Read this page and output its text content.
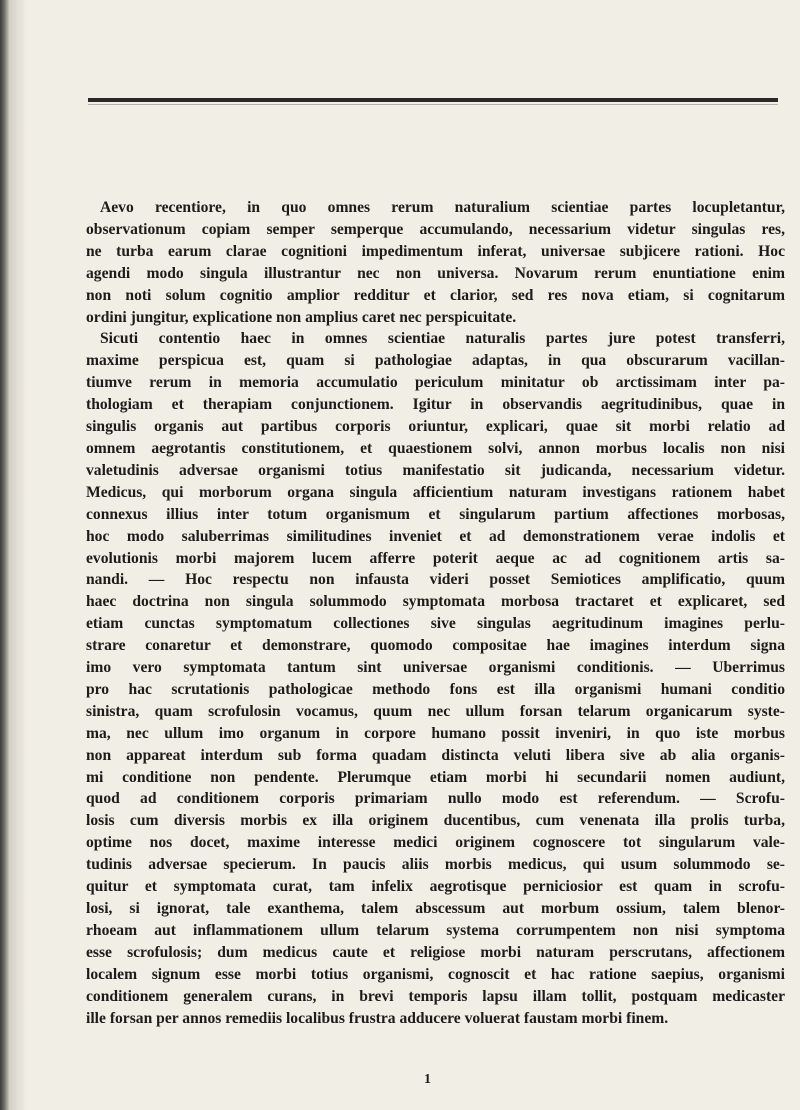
Aevo recentiore, in quo omnes rerum naturalium scientiae partes locupletantur,
observationum copiam semper semperque accumulando, necessarium videtur singulas res,
ne turba earum clarae cognitioni impedimentum inferat, universae subjicere rationi. Hoc
agendi modo singula illustrantur nec non universa. Novarum rerum enuntiatione enim
non noti solum cognitio amplior redditur et clarior, sed res nova etiam, si cognitarum
ordini jungitur, explicatione non amplius caret nec perspicuitate.
Sicuti contentio haec in omnes scientiae naturalis partes jure potest transferri,
maxime perspicua est, quam si pathologiae adaptas, in qua obscurarum vacillan-
tiumve rerum in memoria accumulatio periculum minitatur ob arctissimam inter pa-
thologiam et therapiam conjunctionem. Igitur in observandis aegritudinibus, quae in
singulis organis aut partibus corporis oriuntur, explicari, quae sit morbi relatio ad
omnem aegrotantis constitutionem, et quaestionem solvi, annon morbus localis non nisi
valetudinis adversae organismi totius manifestatio sit judicanda, necessarium videtur.
Medicus, qui morborum organa singula afficientium naturam investigans rationem habet
connexus illius inter totum organismum et singularum partium affectiones morbosas,
hoc modo saluberrimas similitudines inveniet et ad demonstrationem verae indolis et
evolutionis morbi majorem lucem afferre poterit aeque ac ad cognitionem artis sa-
nandi. — Hoc respectu non infausta videri posset Semiotices amplificatio, quum
haec doctrina non singula solummodo symptomata morbosa tractaret et explicaret, sed
etiam cunctas symptomatum collectiones sive singulas aegritudinum imagines perlu-
strare conaretur et demonstrare, quomodo compositae hae imagines interdum signa
imo vero symptomata tantum sint universae organismi conditionis. — Uberrimus
pro hac scrutationis pathologicae methodo fons est illa organismi humani conditio
sinistra, quam scrofulosin vocamus, quum nec ullum forsan telarum organicarum syste-
ma, nec ullum imo organum in corpore humano possit inveniri, in quo iste morbus
non appareat interdum sub forma quadam distincta veluti libera sive ab alia organis-
mi conditione non pendente. Plerumque etiam morbi hi secundarii nomen audiunt,
quod ad conditionem corporis primariam nullo modo est referendum. — Scrofu-
losis cum diversis morbis ex illa originem ducentibus, cum venenata illa prolis turba,
optime nos docet, maxime interesse medici originem cognoscere tot singularum vale-
tudinis adversae specierum. In paucis aliis morbis medicus, qui usum solummodo se-
quitur et symptomata curat, tam infelix aegrotisque perniciosior est quam in scrofu-
losi, si ignorat, tale exanthema, talem abscessum aut morbum ossium, talem blenor-
rhoeam aut inflammationem ullum telarum systema corrumpentem non nisi symptoma
esse scrofulosis; dum medicus caute et religiose morbi naturam perscrutans, affectionem
localem signum esse morbi totius organismi, cognoscit et hac ratione saepius, organismi
conditionem generalem curans, in brevi temporis lapsu illam tollit, postquam medicaster
ille forsan per annos remediis localibus frustra adducere voluerat faustam morbi finem.
1
